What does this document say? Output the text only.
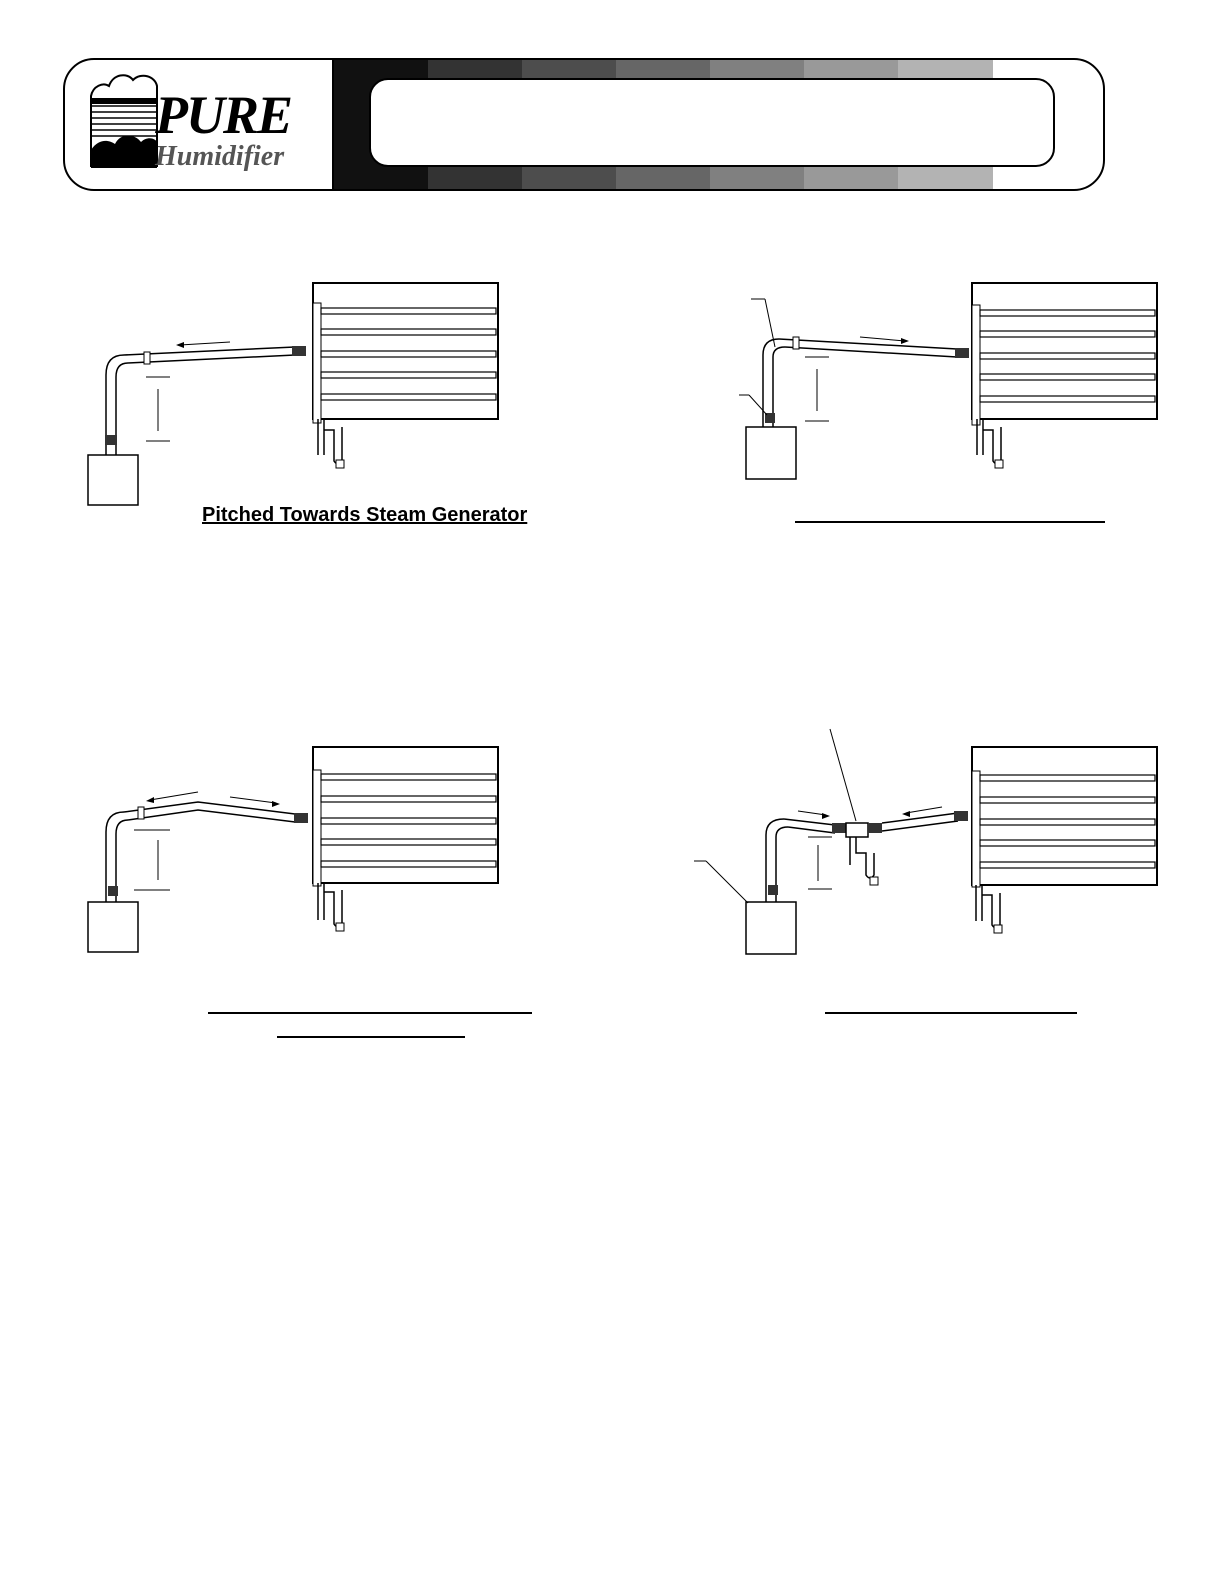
PURE
Humidifier
Pitched Towards Steam Generator
